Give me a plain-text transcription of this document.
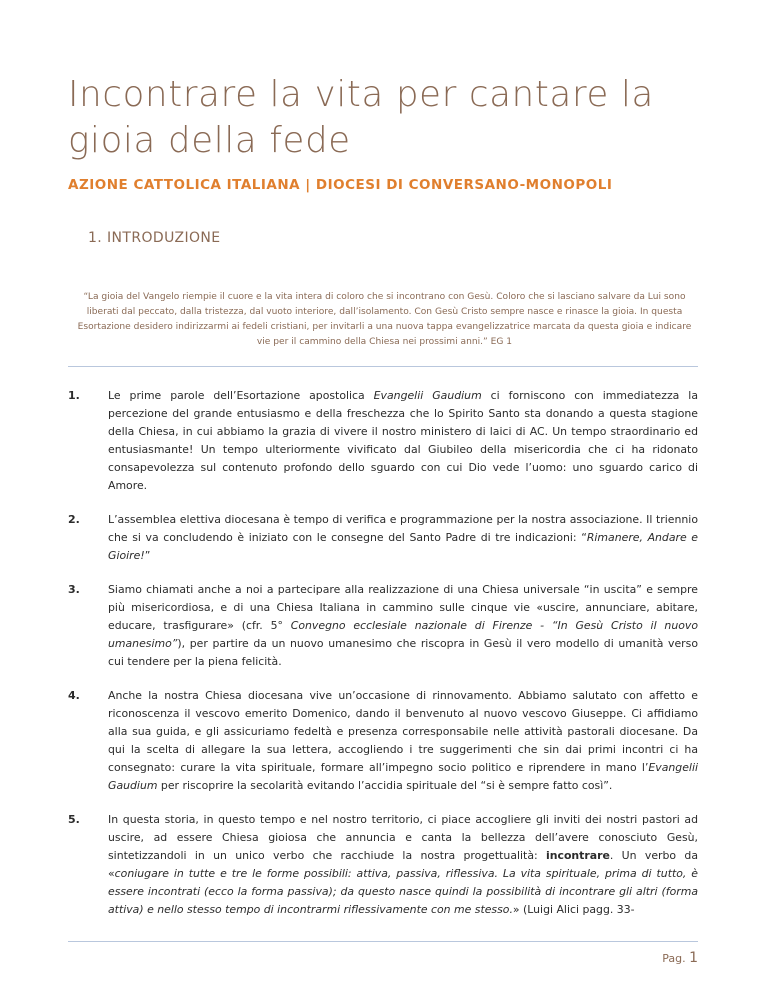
Incontrare la vita per cantare la gioia della fede
AZIONE CATTOLICA ITALIANA | DIOCESI DI CONVERSANO-MONOPOLI
1. INTRODUZIONE

“La gioia del Vangelo riempie il cuore e la vita intera di coloro che si incontrano con Gesù. Coloro che si lasciano salvare da Lui sono liberati dal peccato, dalla tristezza, dal vuoto interiore, dall’isolamento. Con Gesù Cristo sempre nasce e rinasce la gioia. In questa Esortazione desidero indirizzarmi ai fedeli cristiani, per invitarli a una nuova tappa evangelizzatrice marcata da questa gioia e indicare vie per il cammino della Chiesa nei prossimi anni.” EG 1

1.	Le prime parole dell’Esortazione apostolica Evangelii Gaudium ci forniscono con immediatezza la percezione del grande entusiasmo e della freschezza che lo Spirito Santo sta donando a questa stagione della Chiesa, in cui abbiamo la grazia di vivere il nostro ministero di laici di AC. Un tempo straordinario ed entusiasmante! Un tempo ulteriormente vivificato dal Giubileo della misericordia che ci ha ridonato consapevolezza sul contenuto profondo dello sguardo con cui Dio vede l’uomo: uno sguardo carico di Amore.

2.	L’assemblea elettiva diocesana è tempo di verifica e programmazione per la nostra associazione. Il triennio che si va concludendo è iniziato con le consegne del Santo Padre di tre indicazioni: “Rimanere, Andare e Gioire!”

3.	Siamo chiamati anche a noi a partecipare alla realizzazione di una Chiesa universale “in uscita” e sempre più misericordiosa, e di una Chiesa Italiana in cammino sulle cinque vie «uscire, annunciare, abitare, educare, trasfigurare» (cfr. 5° Convegno ecclesiale nazionale di Firenze - “In Gesù Cristo il nuovo umanesimo”), per partire da un nuovo umanesimo che riscopra in Gesù il vero modello di umanità verso cui tendere per la piena felicità.

4.	Anche la nostra Chiesa diocesana vive un’occasione di rinnovamento. Abbiamo salutato con affetto e riconoscenza il vescovo emerito Domenico, dando il benvenuto al nuovo vescovo Giuseppe. Ci affidiamo alla sua guida, e gli assicuriamo fedeltà e presenza corresponsabile nelle attività pastorali diocesane. Da qui la scelta di allegare la sua lettera, accogliendo i tre suggerimenti che sin dai primi incontri ci ha consegnato: curare la vita spirituale, formare all’impegno socio politico e riprendere in mano l’Evangelii Gaudium per riscoprire la secolarità evitando l’accidia spirituale del “si è sempre fatto così”.

5.	In questa storia, in questo tempo e nel nostro territorio, ci piace accogliere gli inviti dei nostri pastori ad uscire, ad essere Chiesa gioiosa che annuncia e canta la bellezza dell’avere conosciuto Gesù, sintetizzandoli in un unico verbo che racchiude la nostra progettualità: incontrare. Un verbo da «coniugare in tutte e tre le forme possibili: attiva, passiva, riflessiva. La vita spirituale, prima di tutto, è essere incontrati (ecco la forma passiva); da questo nasce quindi la possibilità di incontrare gli altri (forma attiva) e nello stesso tempo di incontrarmi riflessivamente con me stesso.» (Luigi Alici pagg. 33-

Pag. 1
